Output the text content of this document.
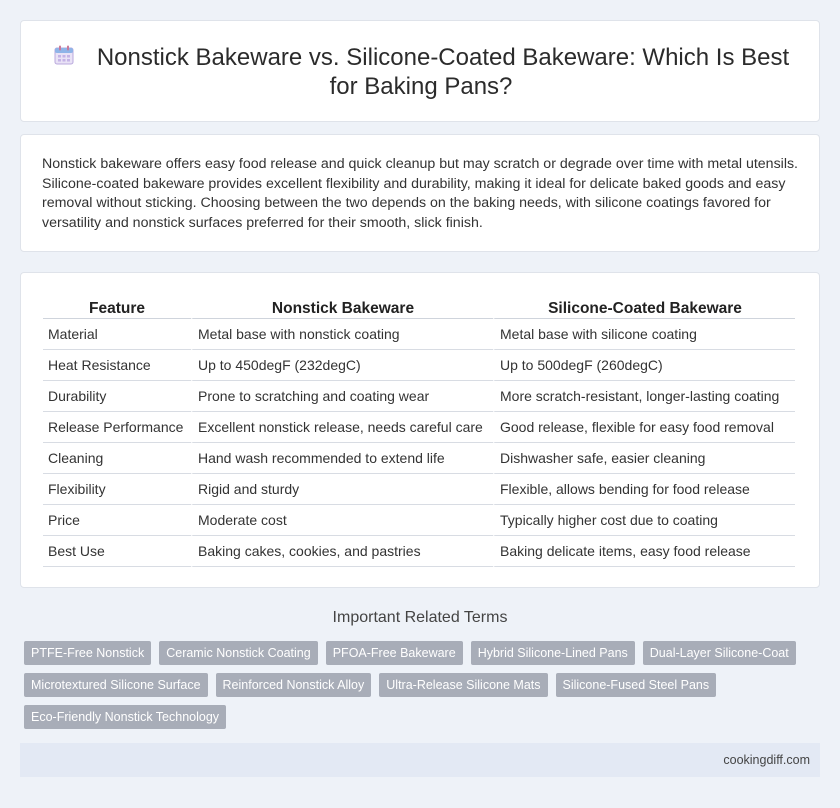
Nonstick Bakeware vs. Silicone-Coated Bakeware: Which Is Best for Baking Pans?

Nonstick bakeware offers easy food release and quick cleanup but may scratch or degrade over time with metal utensils. Silicone-coated bakeware provides excellent flexibility and durability, making it ideal for delicate baked goods and easy removal without sticking. Choosing between the two depends on the baking needs, with silicone coatings favored for versatility and nonstick surfaces preferred for their smooth, slick finish.

Feature	Nonstick Bakeware	Silicone-Coated Bakeware
Material	Metal base with nonstick coating	Metal base with silicone coating
Heat Resistance	Up to 450degF (232degC)	Up to 500degF (260degC)
Durability	Prone to scratching and coating wear	More scratch-resistant, longer-lasting coating
Release Performance	Excellent nonstick release, needs careful care	Good release, flexible for easy food removal
Cleaning	Hand wash recommended to extend life	Dishwasher safe, easier cleaning
Flexibility	Rigid and sturdy	Flexible, allows bending for food release
Price	Moderate cost	Typically higher cost due to coating
Best Use	Baking cakes, cookies, and pastries	Baking delicate items, easy food release
Important Related Terms
PTFE-Free Nonstick	Ceramic Nonstick Coating	PFOA-Free Bakeware	Hybrid Silicone-Lined Pans	Dual-Layer Silicone-Coat
Microtextured Silicone Surface	Reinforced Nonstick Alloy	Ultra-Release Silicone Mats	Silicone-Fused Steel Pans
Eco-Friendly Nonstick Technology
cookingdiff.com
